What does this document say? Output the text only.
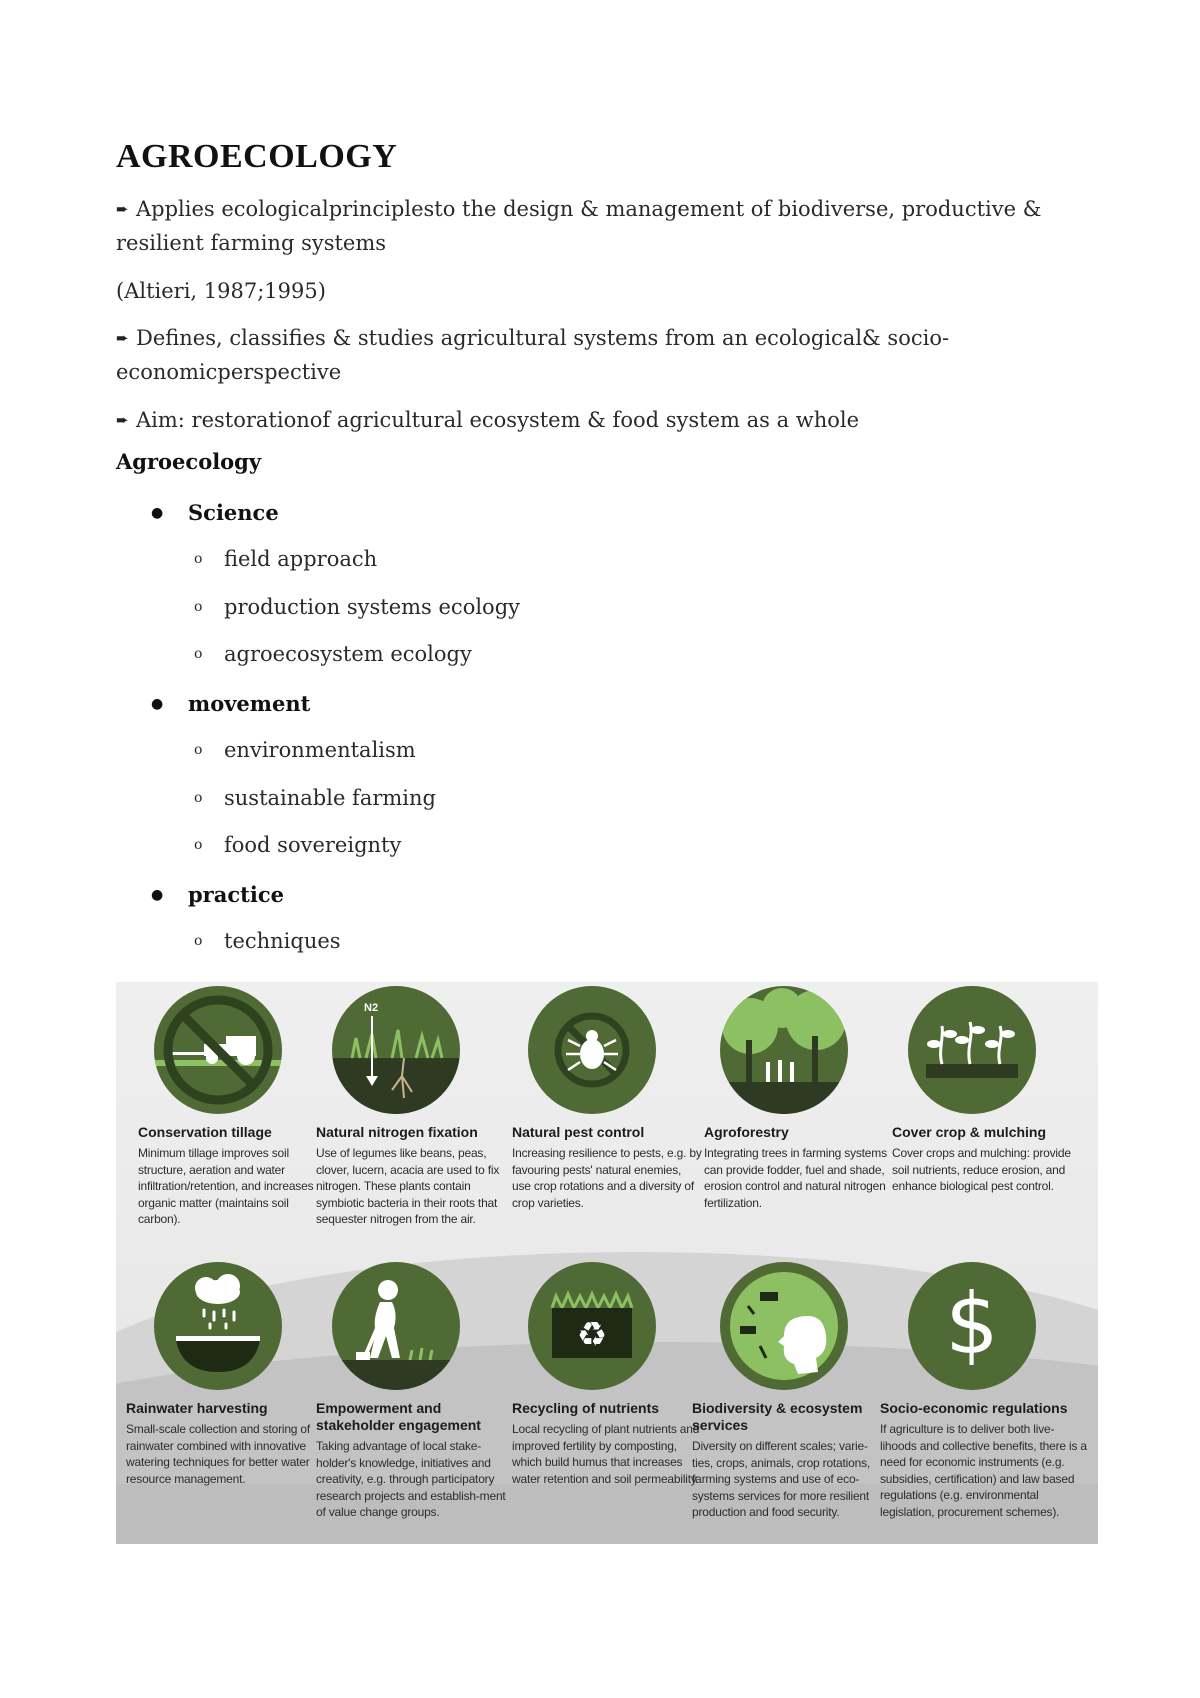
AGROECOLOGY
➨ Applies ecologicalprinciplesto the design & management of biodiverse, productive & resilient farming systems
(Altieri, 1987;1995)
➨ Defines, classifies & studies agricultural systems from an ecological& socio-economicperspective
➨ Aim: restorationof agricultural ecosystem & food system as a whole
Agroecology
● Science
o field approach
o production systems ecology
o agroecosystem ecology
● movement
o environmentalism
o sustainable farming
o food sovereignty
● practice
o techniques
Conservation tillage
Minimum tillage improves soil structure, aeration and water infiltration/retention, and increases organic matter (maintains soil carbon).
N2
Natural nitrogen fixation
Use of legumes like beans, peas, clover, lucern, acacia are used to fix nitrogen. These plants contain symbiotic bacteria in their roots that sequester nitrogen from the air.
Natural pest control
Increasing resilience to pests, e.g. by favouring pests' natural enemies, use crop rotations and a diversity of crop varieties.
Agroforestry
Integrating trees in farming systems can provide fodder, fuel and shade, erosion control and natural nitrogen fertilization.
Cover crop & mulching
Cover crops and mulching: provide soil nutrients, reduce erosion, and enhance biological pest control.
Rainwater harvesting
Small-scale collection and storing of rainwater combined with innovative watering techniques for better water resource management.
Empowerment and stakeholder engagement
Taking advantage of local stake-holder's knowledge, initiatives and creativity, e.g. through participatory research projects and establish-ment of value change groups.
♻
Recycling of nutrients
Local recycling of plant nutrients and improved fertility by composting, which build humus that increases water retention and soil permeability.
Biodiversity & ecosystem services
Diversity on different scales; varie-ties, crops, animals, crop rotations, farming systems and use of eco-systems services for more resilient production and food security.
$
Socio-economic regulations
If agriculture is to deliver both live-lihoods and collective benefits, there is a need for economic instruments (e.g. subsidies, certification) and law based regulations (e.g. environmental legislation, procurement schemes).
